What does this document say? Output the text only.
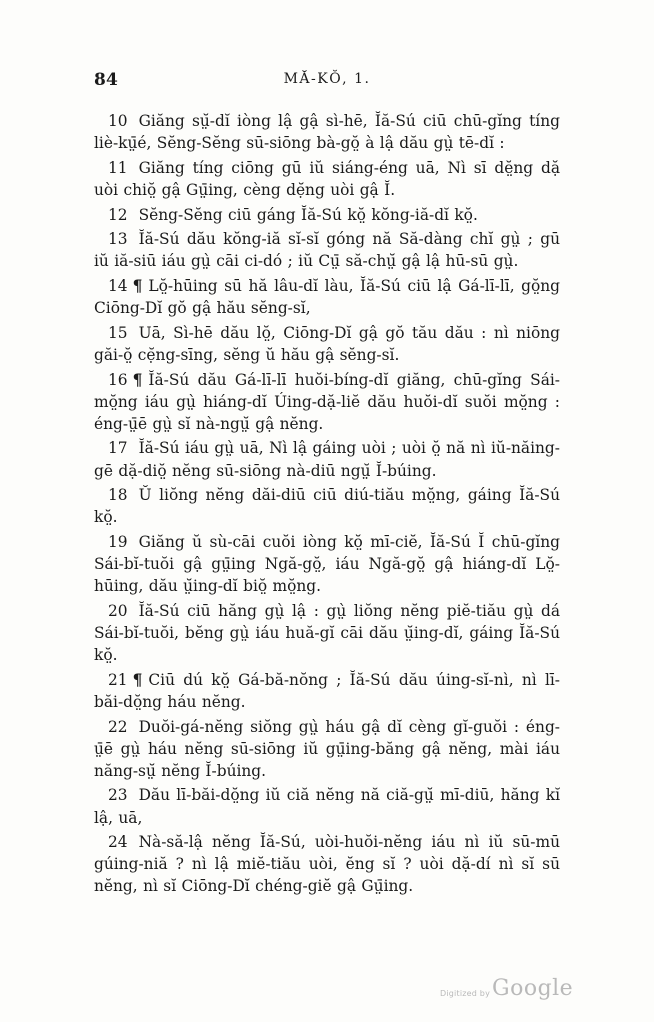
84	MĂ-KŎ, 1.

10 Giăng sṳ̆-dĭ iòng lậ gậ sì-hē, Ĭă-Sú ciū chū-gĭng tíng liè-kṳ̄é, Sĕng-Sĕng sū-siōng bà-gŏ̤ à lậ dău gṳ̀ tē-dĭ :

11 Giăng tíng ciōng gū iŭ siáng-éng uā, Nì sī dĕ̤ng dặ uòi chiŏ̤ gậ Gṳ̄ing, cèng dẹ̆ng uòi gậ Ĭ.

12 Sĕng-Sĕng ciū gáng Ĭă-Sú kŏ̤ kŏng-iă-dĭ kŏ̤.

13 Ĭă-Sú dău kŏng-iă sĭ-sĭ góng nă Să-dàng chĭ gṳ̀ ; gū iŭ iă-siū iáu gṳ̀ cāi ci-dó ; iŭ Cṳ̄ să-chṳ̆ gậ lậ hū-sū gṳ̀.

14 ¶ Lŏ̤-hūing sū hă lâu-dĭ làu, Ĭă-Sú ciū lậ Gá-lī-lī, gŏ̤ng Ciōng-Dĭ gŏ gậ hău sĕng-sĭ,

15 Uā, Sì-hē dău lŏ̤, Ciōng-Dĭ gậ gŏ tău dău : nì niōng găi-ŏ̤ cẹ̆ng-sīng, sĕng ŭ hău gậ sĕng-sĭ.

16 ¶ Ĭă-Sú dău Gá-lī-lī huŏi-bíng-dĭ giăng, chū-gĭng Sái-mŏ̤ng iáu gṳ̀ hiáng-dĭ Úing-dặ-liĕ dău huŏi-dĭ suŏi mŏ̤ng : éng-ṳ̄ē gṳ̀ sĭ nà-ngṳ̆ gậ nĕng.

17 Ĭă-Sú iáu gṳ̀ uā, Nì lậ gáing uòi ; uòi ŏ̤ nă nì iŭ-năing-gē dặ-diŏ̤ nĕng sū-siōng nà-diū ngṳ̆ Ĭ-búing.

18 Ŭ liŏng nĕng dăi-diū ciū diú-tiău mŏ̤ng, gáing Ĭă-Sú kŏ̤.

19 Giăng ŭ sù-cāi cuŏi iòng kŏ̤ mī-ciĕ, Ĭă-Sú Ĭ chū-gĭng Sái-bĭ-tuŏi gậ gṳ̄ing Ngă-gŏ̤, iáu Ngă-gŏ̤ gậ hiáng-dĭ Lŏ̤-hūing, dău ṳ̆ing-dĭ biŏ̤ mŏ̤ng.

20 Ĭă-Sú ciū hăng gṳ̀ lậ : gṳ̀ liŏng nĕng piĕ-tiău gṳ̀ dá Sái-bĭ-tuŏi, bĕng gṳ̀ iáu huă-gĭ cāi dău ṳ̆ing-dĭ, gáing Ĭă-Sú kŏ̤.

21 ¶ Ciū dú kŏ̤ Gá-bă-nŏng ; Ĭă-Sú dău úing-sĭ-nì, nì lī-băi-dŏ̤ng háu nĕng.

22 Duŏi-gá-nĕng siŏng gṳ̀ háu gậ dĭ cèng gĭ-guŏi : éng-ṳ̄ē gṳ̀ háu nĕng sū-siōng iŭ gṳ̄ing-băng gậ nĕng, mài iáu năng-sṳ̆ nĕng Ĭ-búing.

23 Dău lī-băi-dŏ̤ng iŭ ciă nĕng nă ciă-gṳ̆ mī-diū, hăng kĭ lậ, uā,

24 Nà-să-lậ nĕng Ĭă-Sú, uòi-huŏi-nĕng iáu nì iŭ sū-mū gúing-niă ? nì lậ miĕ-tiău uòi, ĕng sĭ ? uòi dặ-dí nì sĭ sū nĕng, nì sĭ Ciōng-Dĭ chéng-giĕ gậ Gṳ̄ing.

Digitized by Google
